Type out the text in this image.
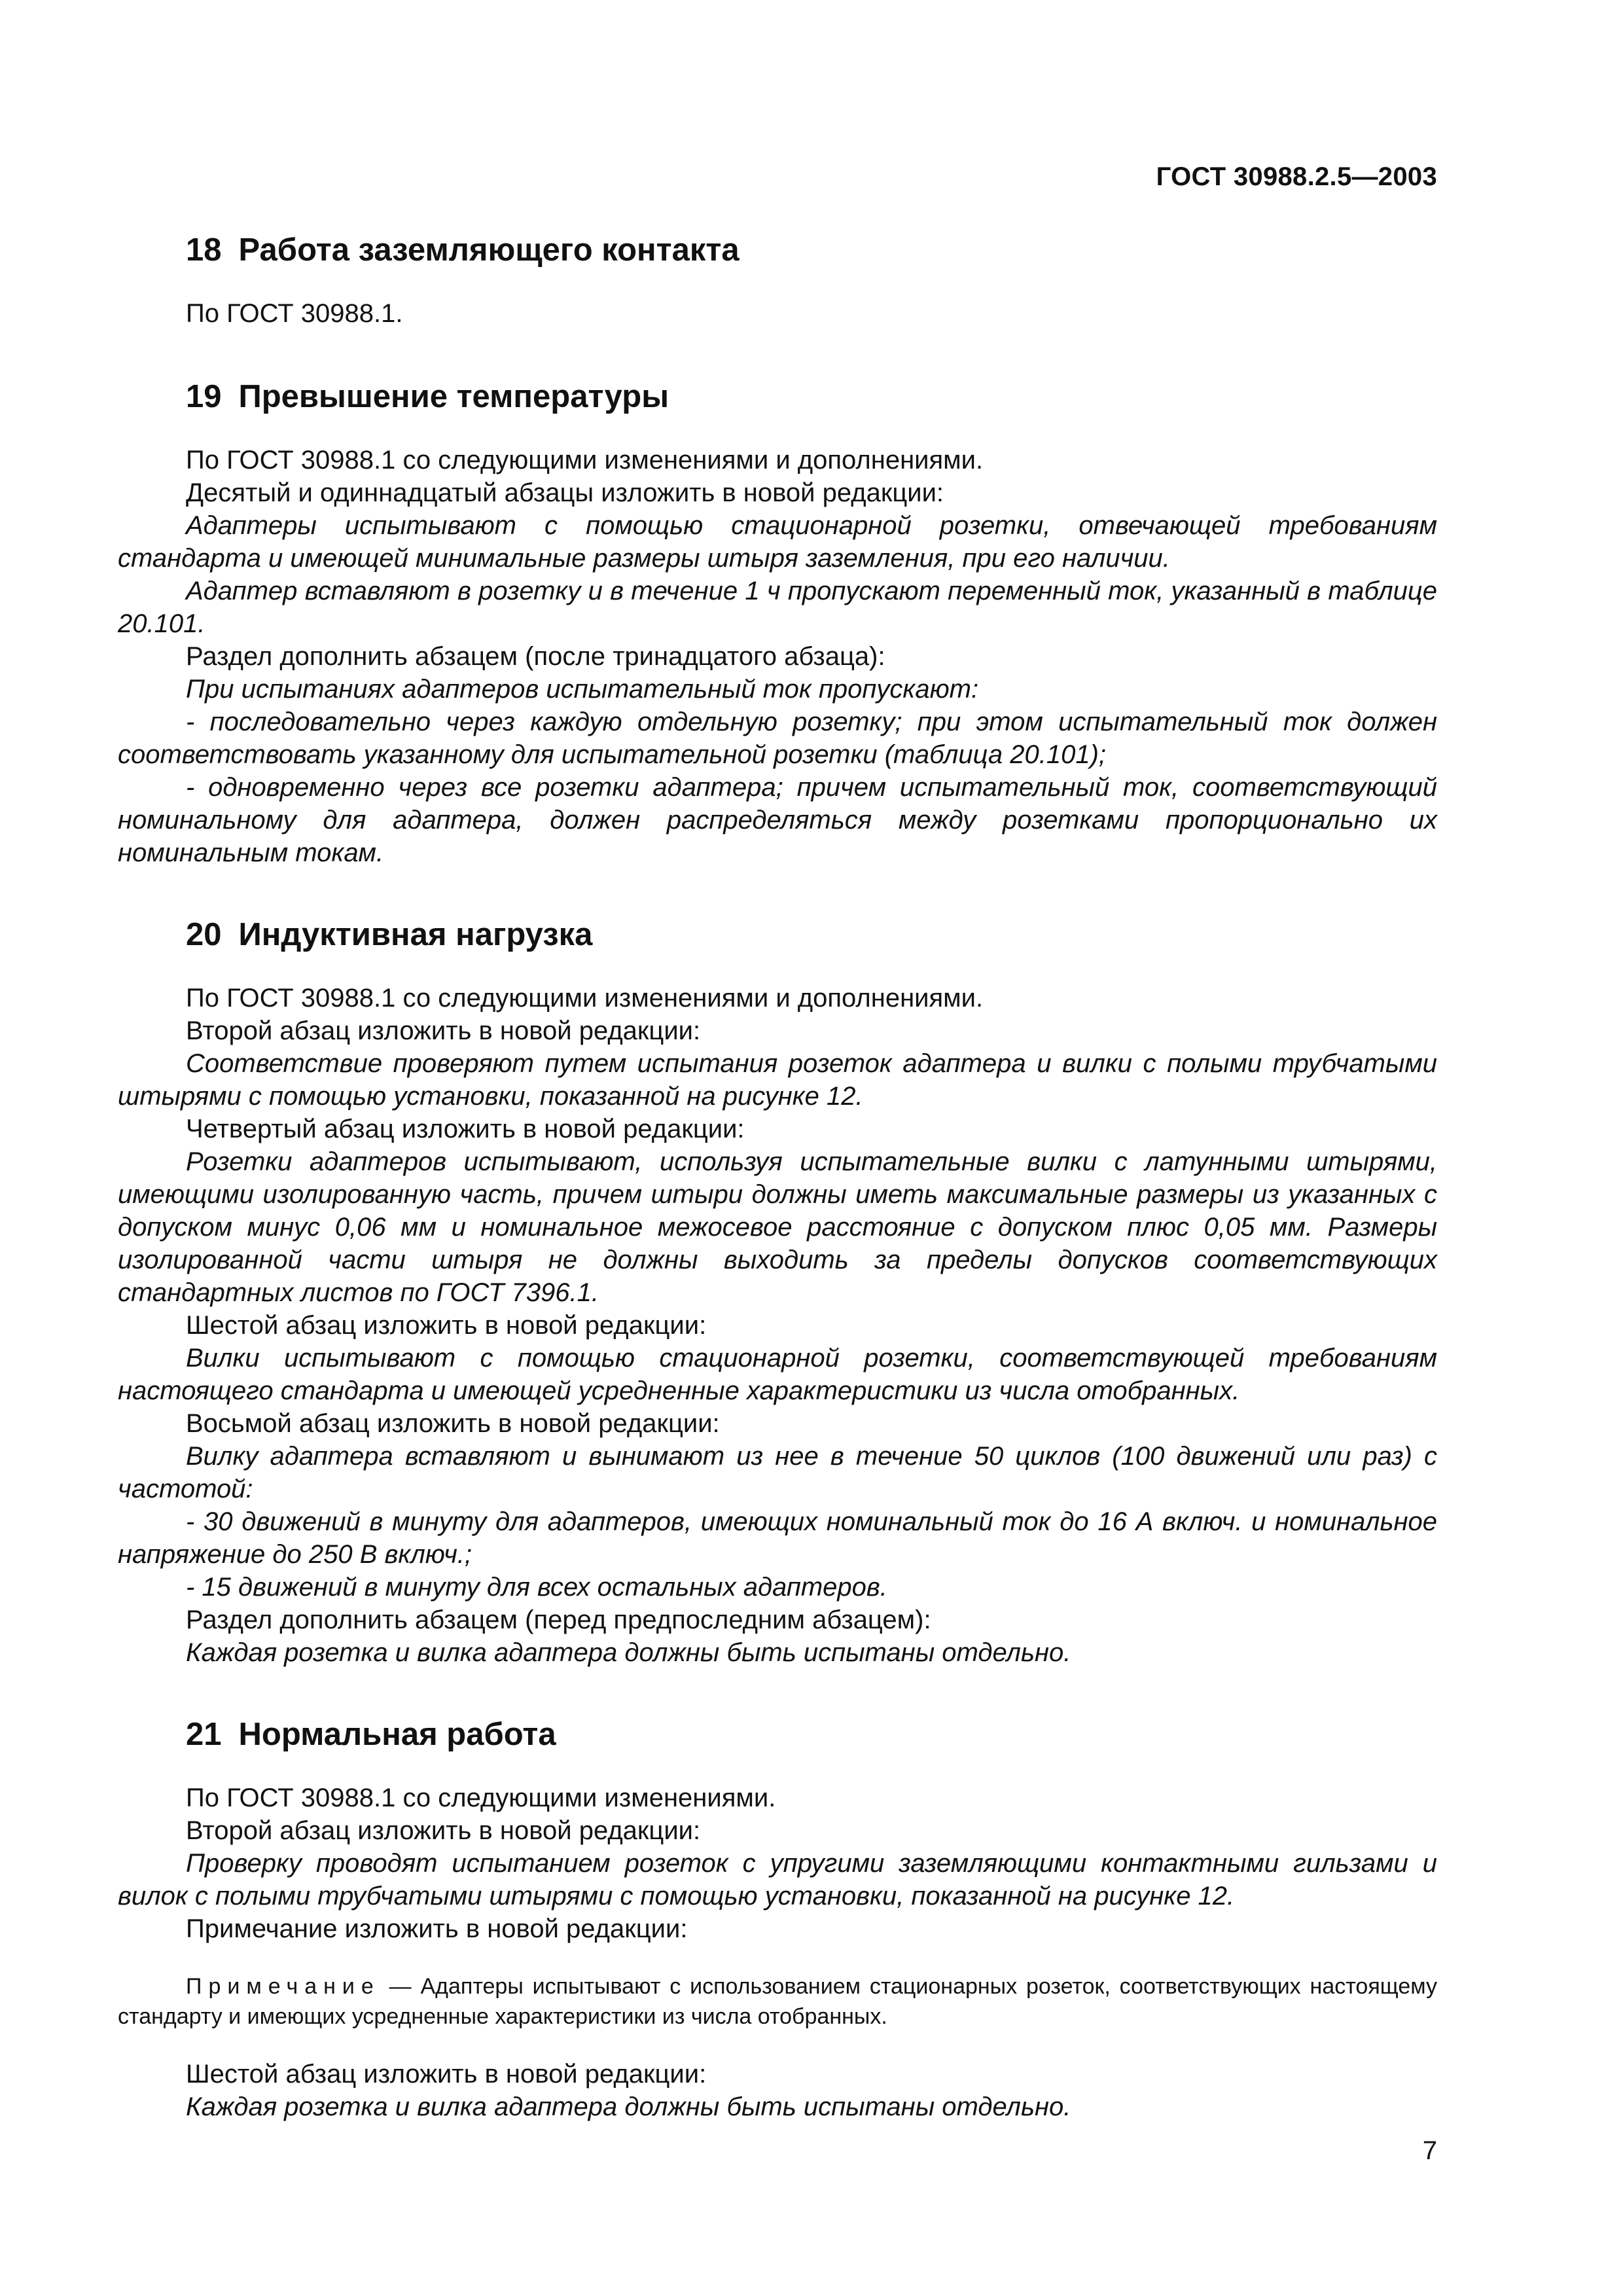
ГОСТ 30988.2.5—2003
18 Работа заземляющего контакта

По ГОСТ 30988.1.

19 Превышение температуры

По ГОСТ 30988.1 со следующими изменениями и дополнениями.

Десятый и одиннадцатый абзацы изложить в новой редакции:

Адаптеры испытывают с помощью стационарной розетки, отвечающей требованиям стандарта и имеющей минимальные размеры штыря заземления, при его наличии.

Адаптер вставляют в розетку и в течение 1 ч пропускают переменный ток, указанный в таблице 20.101.

Раздел дополнить абзацем (после тринадцатого абзаца):

При испытаниях адаптеров испытательный ток пропускают:

- последовательно через каждую отдельную розетку; при этом испытательный ток должен соответствовать указанному для испытательной розетки (таблица 20.101);

- одновременно через все розетки адаптера; причем испытательный ток, соответствующий номинальному для адаптера, должен распределяться между розетками пропорционально их номинальным токам.

20 Индуктивная нагрузка

По ГОСТ 30988.1 со следующими изменениями и дополнениями.

Второй абзац изложить в новой редакции:

Соответствие проверяют путем испытания розеток адаптера и вилки с полыми трубчатыми штырями с помощью установки, показанной на рисунке 12.

Четвертый абзац изложить в новой редакции:

Розетки адаптеров испытывают, используя испытательные вилки с латунными штырями, имеющими изолированную часть, причем штыри должны иметь максимальные размеры из указанных с допуском минус 0,06 мм и номинальное межосевое расстояние с допуском плюс 0,05 мм. Размеры изолированной части штыря не должны выходить за пределы допусков соответствующих стандартных листов по ГОСТ 7396.1.

Шестой абзац изложить в новой редакции:

Вилки испытывают с помощью стационарной розетки, соответствующей требованиям настоящего стандарта и имеющей усредненные характеристики из числа отобранных.

Восьмой абзац изложить в новой редакции:

Вилку адаптера вставляют и вынимают из нее в течение 50 циклов (100 движений или раз) с частотой:

- 30 движений в минуту для адаптеров, имеющих номинальный ток до 16 А включ. и номинальное напряжение до 250 В включ.;

- 15 движений в минуту для всех остальных адаптеров.

Раздел дополнить абзацем (перед предпоследним абзацем):

Каждая розетка и вилка адаптера должны быть испытаны отдельно.

21 Нормальная работа

По ГОСТ 30988.1 со следующими изменениями.

Второй абзац изложить в новой редакции:

Проверку проводят испытанием розеток с упругими заземляющими контактными гильзами и вилок с полыми трубчатыми штырями с помощью установки, показанной на рисунке 12.

Примечание изложить в новой редакции:

Примечание — Адаптеры испытывают с использованием стационарных розеток, соответствующих настоящему стандарту и имеющих усредненные характеристики из числа отобранных.

Шестой абзац изложить в новой редакции:

Каждая розетка и вилка адаптера должны быть испытаны отдельно.

7
